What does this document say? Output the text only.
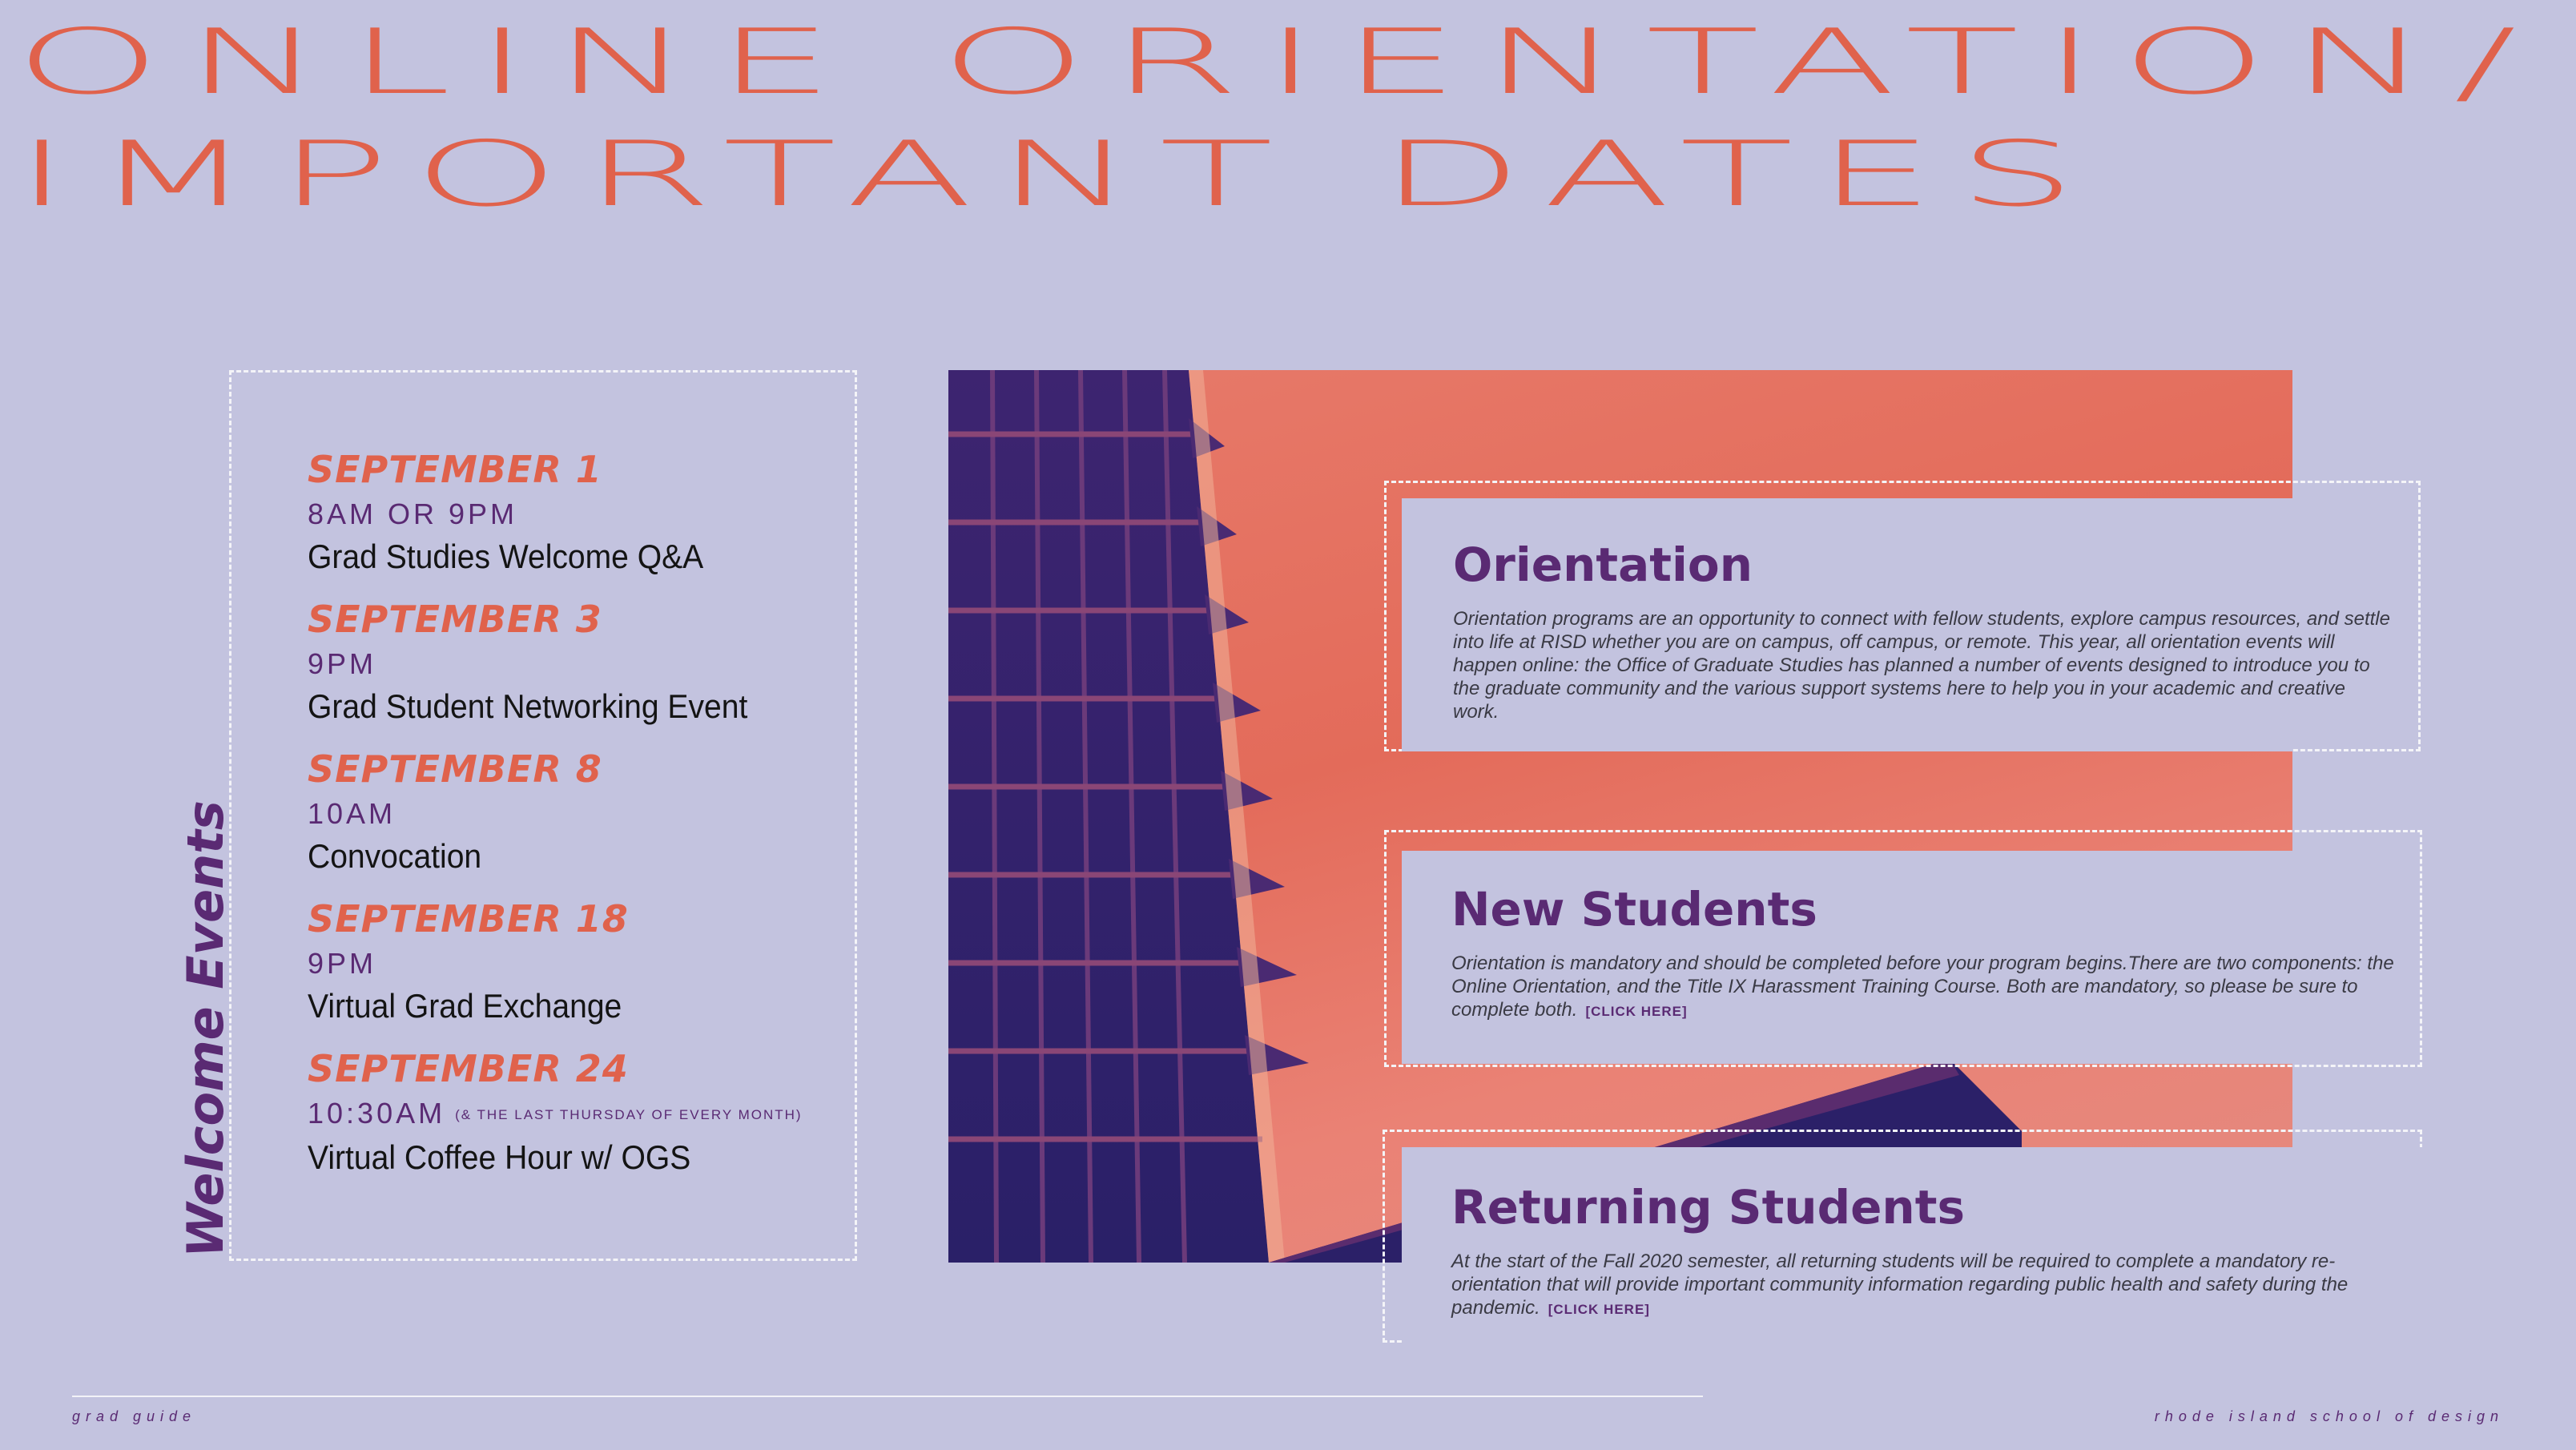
ONLINE ORIENTATION/
IMPORTANT DATES
Welcome Events
SEPTEMBER 1
8AM OR 9PM
Grad Studies Welcome Q&A
SEPTEMBER 3
9PM
Grad Student Networking Event
SEPTEMBER 8
10AM
Convocation
SEPTEMBER 18
9PM
Virtual Grad Exchange
SEPTEMBER 24
10:30AM (& THE LAST THURSDAY OF EVERY MONTH)
Virtual Coffee Hour w/ OGS
Orientation

Orientation programs are an opportunity to connect with fellow students, explore campus resources, and settle into life at RISD whether you are on campus, off campus, or remote. This year, all orientation events will happen online: the Office of Graduate Studies has planned a number of events designed to introduce you to the graduate community and the various support systems here to help you in your academic and creative work.

New Students

Orientation is mandatory and should be completed before your program begins.There are two components: the Online Orientation, and the Title IX Harassment Training Course. Both are mandatory, so please be sure to complete both. [CLICK HERE]

Returning Students

At the start of the Fall 2020 semester, all returning students will be required to complete a mandatory re-orientation that will provide important community information regarding public health and safety during the pandemic. [CLICK HERE]

grad guide	rhode island school of design
